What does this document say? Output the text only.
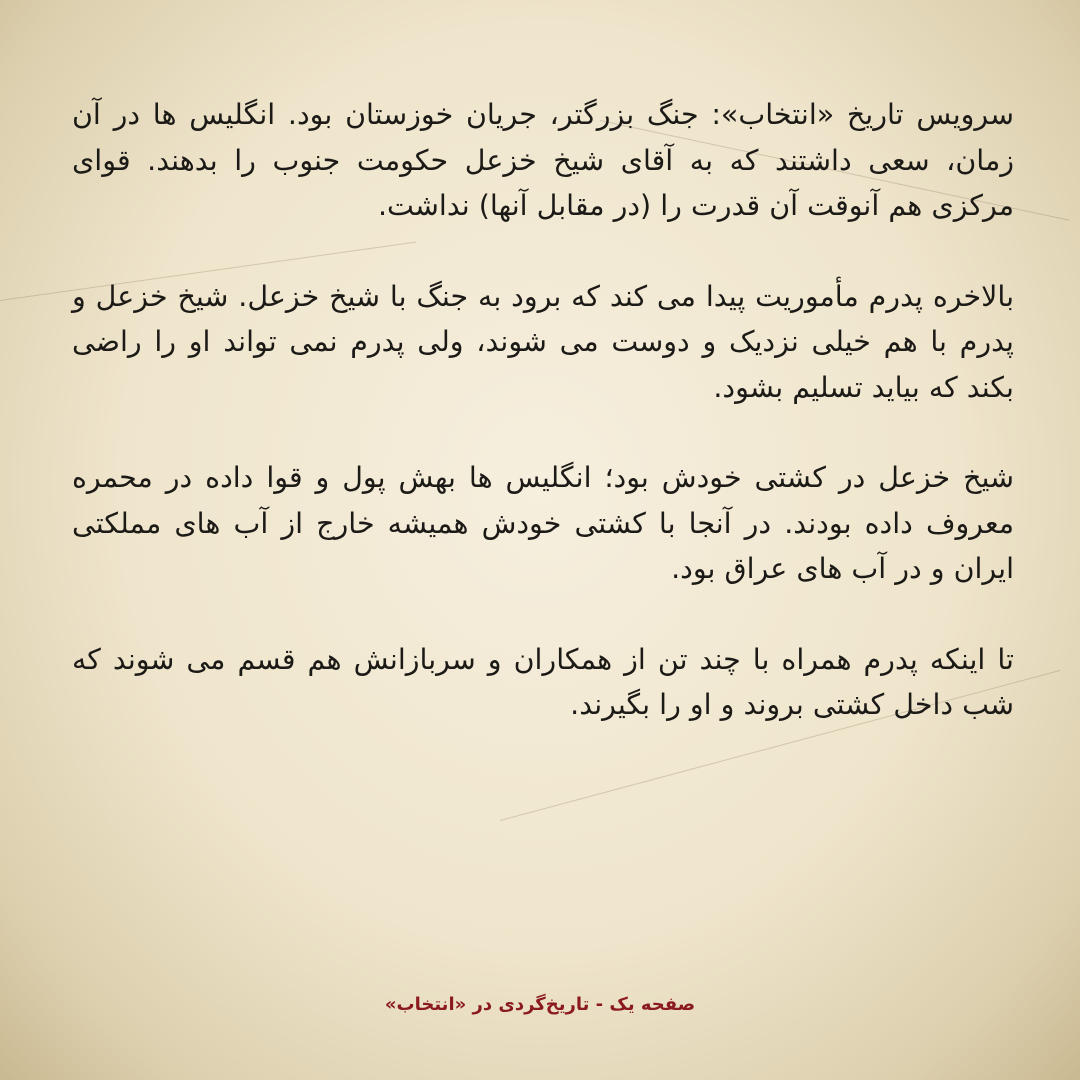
سرویس تاریخ «انتخاب»: جنگ بزرگتر، جریان خوزستان بود. انگلیس ها در آن زمان، سعی داشتند که به آقای شیخ خزعل حکومت جنوب را بدهند. قوای مرکزی هم آنوقت آن قدرت را (در مقابل آنها) نداشت.

بالاخره پدرم مأموریت پیدا می کند که برود به جنگ با شیخ خزعل. شیخ خزعل و پدرم با هم خیلی نزدیک و دوست می شوند، ولی پدرم نمی تواند او را راضی بکند که بیاید تسلیم بشود.

شیخ خزعل در کشتی خودش بود؛ انگلیس ها بهش پول و قوا داده در محمره معروف داده بودند. در آنجا با کشتی خودش همیشه خارج از آب های مملکتی ایران و در آب های عراق بود.

تا اینکه پدرم همراه با چند تن از همکاران و سربازانش هم قسم می شوند که شب داخل کشتی بروند و او را بگیرند.

صفحه یک - تاریخ‌گردی در «انتخاب»
